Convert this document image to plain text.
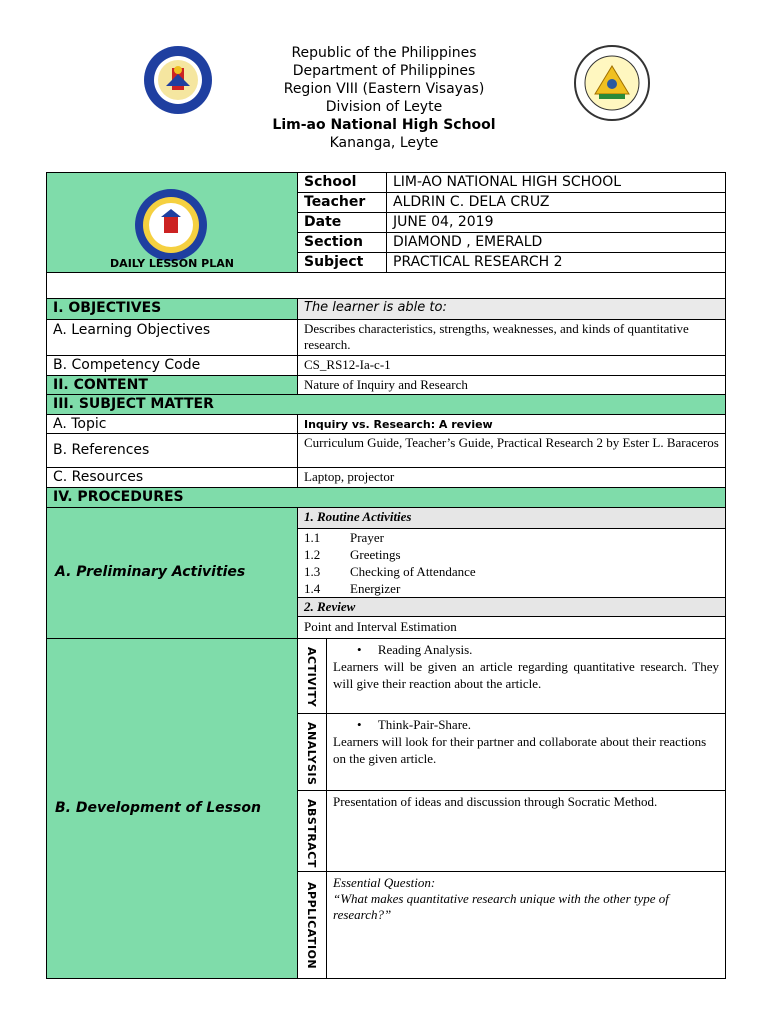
Republic of the Philippines
Department of Philippines
Region VIII (Eastern Visayas)
Division of Leyte
Lim-ao National High School
Kananga, Leyte
DAILY LESSON PLAN
School	LIM-AO NATIONAL HIGH SCHOOL
Teacher	ALDRIN C. DELA CRUZ
Date	JUNE 04, 2019
Section	DIAMOND , EMERALD
Subject	PRACTICAL RESEARCH 2
I. OBJECTIVES	The learner is able to:
A. Learning Objectives	Describes characteristics, strengths, weaknesses, and kinds of quantitative research.
B. Competency Code	CS_RS12-Ia-c-1
II. CONTENT	Nature of Inquiry and Research
III. SUBJECT MATTER
A. Topic	Inquiry vs. Research: A review
B. References	Curriculum Guide, Teacher’s Guide, Practical Research 2 by Ester L. Baraceros
C. Resources	Laptop, projector
IV. PROCEDURES
A. Preliminary Activities
1. Routine Activities
1.1 Prayer
1.2 Greetings
1.3 Checking of Attendance
1.4 Energizer
2. Review
Point and Interval Estimation
B. Development of Lesson
ACTIVITY	•     Reading Analysis.
Learners will be given an article regarding quantitative research. They will give their reaction about the article.
ANALYSIS	•     Think-Pair-Share.
Learners will look for their partner and collaborate about their reactions on the given article.
ABSTRACT	Presentation of ideas and discussion through Socratic Method.
APPLICATION Essential Question:
“What makes quantitative research unique with the other type of research?”
